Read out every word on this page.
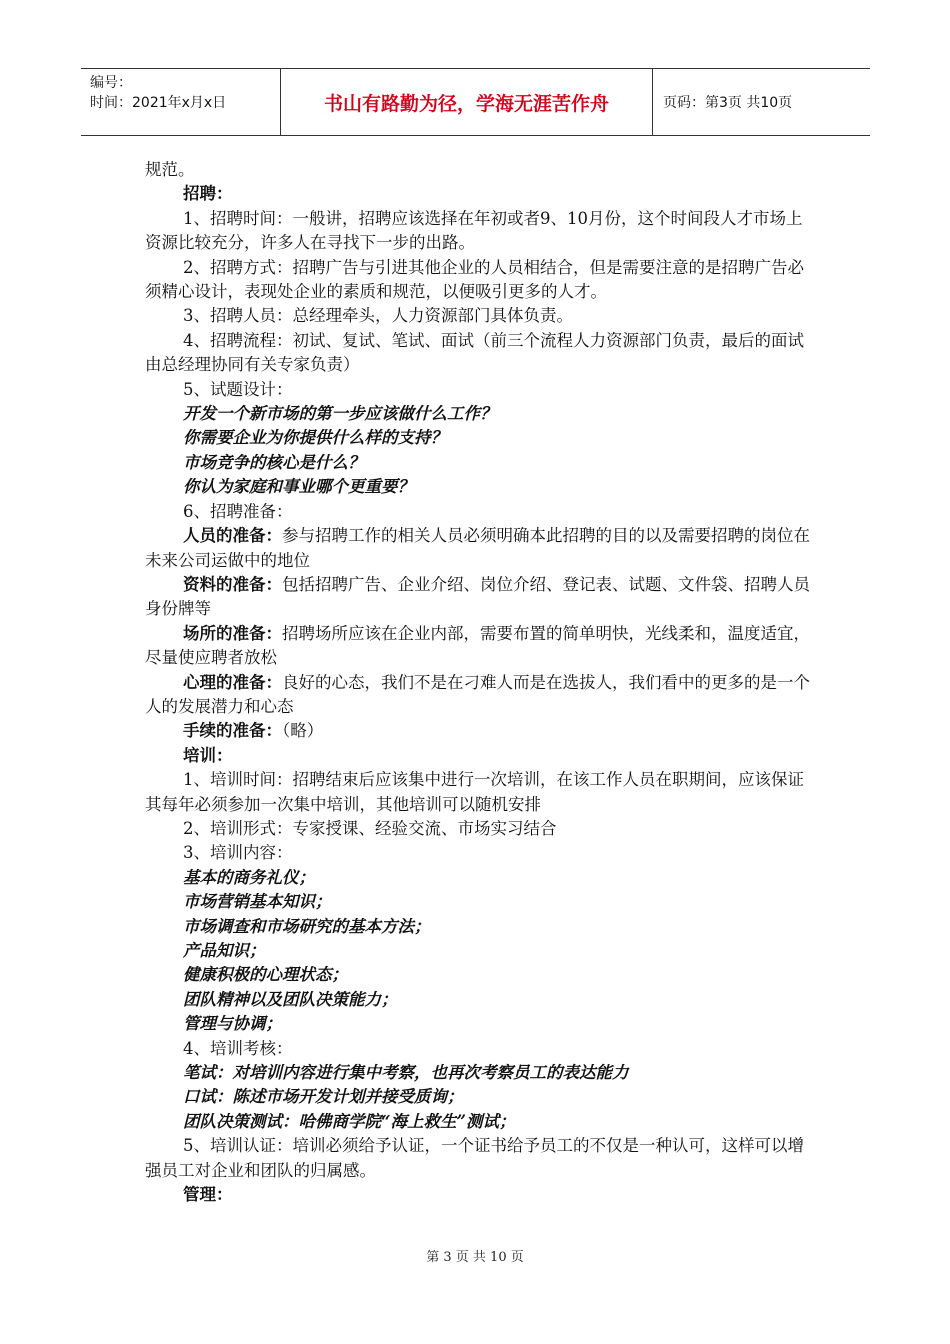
编号：
时间：2021年x月x日	书山有路勤为径，学海无涯苦作舟	页码：第3页 共10页

规范。

招聘：

1、招聘时间：一般讲，招聘应该选择在年初或者9、10月份，这个时间段人才市场上资源比较充分，许多人在寻找下一步的出路。

2、招聘方式：招聘广告与引进其他企业的人员相结合，但是需要注意的是招聘广告必须精心设计，表现处企业的素质和规范，以便吸引更多的人才。

3、招聘人员：总经理牵头，人力资源部门具体负责。

4、招聘流程：初试、复试、笔试、面试（前三个流程人力资源部门负责，最后的面试由总经理协同有关专家负责）

5、试题设计：

开发一个新市场的第一步应该做什么工作？

你需要企业为你提供什么样的支持？

市场竞争的核心是什么？

你认为家庭和事业哪个更重要？

6、招聘准备：

人员的准备：参与招聘工作的相关人员必须明确本此招聘的目的以及需要招聘的岗位在未来公司运做中的地位

资料的准备：包括招聘广告、企业介绍、岗位介绍、登记表、试题、文件袋、招聘人员身份牌等

场所的准备：招聘场所应该在企业内部，需要布置的简单明快，光线柔和，温度适宜，尽量使应聘者放松

心理的准备：良好的心态，我们不是在刁难人而是在选拔人，我们看中的更多的是一个人的发展潜力和心态

手续的准备：（略）

培训：

1、培训时间：招聘结束后应该集中进行一次培训，在该工作人员在职期间，应该保证其每年必须参加一次集中培训，其他培训可以随机安排

2、培训形式：专家授课、经验交流、市场实习结合

3、培训内容：

基本的商务礼仪；

市场营销基本知识；

市场调查和市场研究的基本方法；

产品知识；

健康积极的心理状态；

团队精神以及团队决策能力；

管理与协调；

4、培训考核：

笔试：对培训内容进行集中考察，也再次考察员工的表达能力

口试：陈述市场开发计划并接受质询；

团队决策测试：哈佛商学院“海上救生”测试；

5、培训认证：培训必须给予认证，一个证书给予员工的不仅是一种认可，这样可以增强员工对企业和团队的归属感。

管理：

第 3 页 共 10 页
